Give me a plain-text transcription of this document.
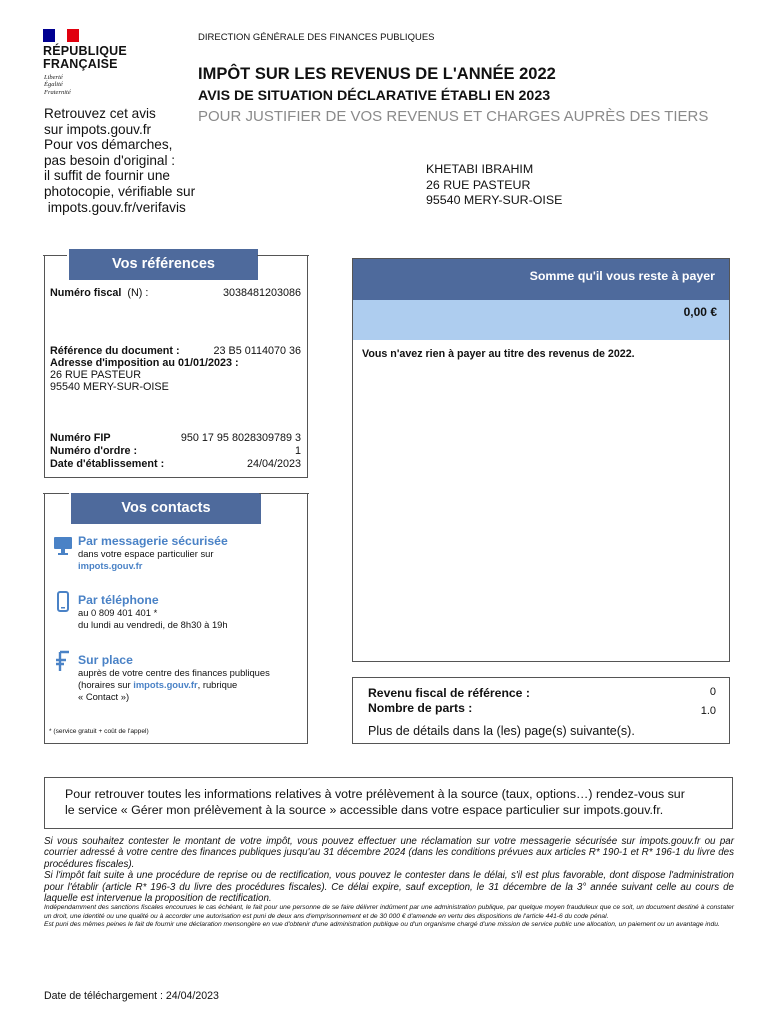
RÉPUBLIQUE
FRANÇAISE
Liberté
Égalité
Fraternité
Retrouvez cet avis
sur impots.gouv.fr
Pour vos démarches,
pas besoin d'original :
il suffit de fournir une
photocopie, vérifiable sur
impots.gouv.fr/verifavis
DIRECTION GÉNÉRALE DES FINANCES PUBLIQUES
IMPÔT SUR LES REVENUS DE L'ANNÉE 2022
AVIS DE SITUATION DÉCLARATIVE ÉTABLI EN 2023
POUR JUSTIFIER DE VOS REVENUS ET CHARGES AUPRÈS DES TIERS
KHETABI IBRAHIM
26 RUE PASTEUR
95540 MERY-SUR-OISE
Vos références
Numéro fiscal (N) :	3038481203086
Référence du document :	23 B5 0114070 36
Adresse d'imposition au 01/01/2023 :
26 RUE PASTEUR
95540 MERY-SUR-OISE
Numéro FIP	950 17 95 8028309789 3
Numéro d'ordre :	1
Date d'établissement :	24/04/2023
Vos contacts
Par messagerie sécurisée
dans votre espace particulier sur
impots.gouv.fr
Par téléphone
au 0 809 401 401 *
du lundi au vendredi, de 8h30 à 19h
Sur place
auprès de votre centre des finances publiques
(horaires sur impots.gouv.fr, rubrique
« Contact »)
* (service gratuit + coût de l'appel)
Somme qu'il vous reste à payer
0,00 €
Vous n'avez rien à payer au titre des revenus de 2022.
Revenu fiscal de référence :	0
Nombre de parts :	1.0
Plus de détails dans la (les) page(s) suivante(s).
Pour retrouver toutes les informations relatives à votre prélèvement à la source (taux, options…) rendez-vous sur
le service « Gérer mon prélèvement à la source » accessible dans votre espace particulier sur impots.gouv.fr.

Si vous souhaitez contester le montant de votre impôt, vous pouvez effectuer une réclamation sur votre messagerie sécurisée sur impots.gouv.fr ou par courrier adressé à votre centre des finances publiques jusqu'au 31 décembre 2024 (dans les conditions prévues aux articles R* 190-1 et R* 196-1 du livre des procédures fiscales).

Si l'impôt fait suite à une procédure de reprise ou de rectification, vous pouvez le contester dans le délai, s'il est plus favorable, dont dispose l'administration pour l'établir (article R* 196-3 du livre des procédures fiscales). Ce délai expire, sauf exception, le 31 décembre de la 3° année suivant celle au cours de laquelle est intervenue la proposition de rectification.

Indépendamment des sanctions fiscales encourues le cas échéant, le fait pour une personne de se faire délivrer indûment par une administration publique, par quelque moyen frauduleux que ce soit, un document destiné à constater un droit, une identité ou une qualité ou à accorder une autorisation est puni de deux ans d'emprisonnement et de 30 000 € d'amende en vertu des dispositions de l'article 441-6 du code pénal.

Est puni des mêmes peines le fait de fournir une déclaration mensongère en vue d'obtenir d'une administration publique ou d'un organisme chargé d'une mission de service public une allocation, un paiement ou un avantage indu.

Date de téléchargement : 24/04/2023
